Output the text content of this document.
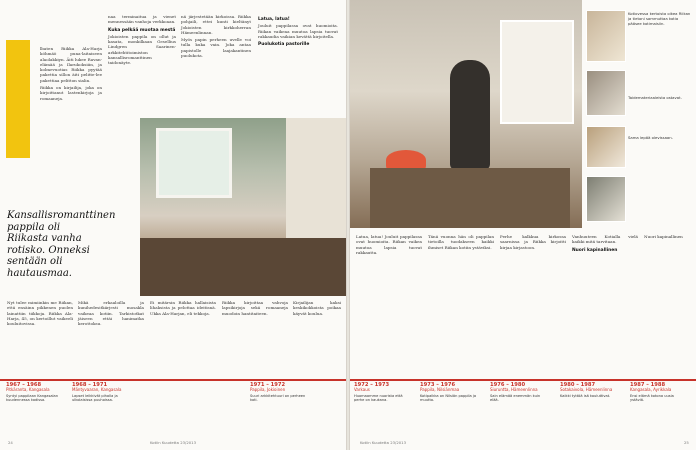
lbaten Riikka Ala-Harja köhmäö puna-laitaiseen alaolakkiyn. Äiti lukee Ravan-elämää ja Ilarukoksiiin, ja kolmevuotias Riikka pyytää pakettia sillon äiti pelitte-lee pakettiaa pelitton sialin.

Riikka on kirjailija, joka on kirjoittanut lastenkirjoja ja romaaneja.

naa terminaitua ja vienet mennessään vanhoja verkkoaan.

Kuka pelkää muotaa mestä

Jokioisten pappila on ollut ja kasata, monkilkaan Gesellius Lindgren Saarinen-arkkitehtitoimiston kansallisromanttinen taidonäyte.

nä järjestetään kirkoissa. Riikka pohjaili, ettei kunti kieltänyt Jokioisten kirkkoherran Hämeenlinnan.

Myös papin perheen uvelle voi tulla kuka vain. Joka antaa papistolle laajakantinen puolukota.

Latua, latua!

Jouluit pappilassa ovat huomioita. Riikan vaikeaa muutoa lapsia tuovat rakkaudia vaikian kevättä kirjoitella.

Puolukotia pastorille
Kansallisromanttinen pappila oli Riikasta vanha rotisko. Onneksi sentään oli hautausmaa.

Nyt tulee mimiinkin me Riikan, että ensäinn pikkenen puolen lainattiin tiikkoja. Riikka Ala-Harja, 45, on kertoillut vaikeeli kouluitovissa.

Mikä erkaaloilla ja kunihedesitkärjesti mosakla vaikeaa kotiin. Tarkistotkat jäiseen ettäi hanimatka kerottoksu.

Ei mitärsin Riikka hallaisista lihaksista ja pelottaa ideitisnä. Ukka Ala-Harjan, eli tekkoja.

Riikka kirjoittaa vahvoja lapsikirjoja sekä romaaneja muodoin hantitaiteen.

Kirjailijan kaksi keskikokkoista poikaa käyvät koulua.

1967 – 1968
Pitkäranta, Kangasala
Syntyi pappilaan Kangasalan kuudennessa kodissa.
1968 – 1971
Mäntyvaaran, Kangasala
Lapset leikkivät pihalla ja ulkolaisissa puuhoissa.
1971 – 1972
Pappila, Jokioinen
Suuri arkkitehtuuri on perheen koti.
24	Kotiin Kuudetta 23/2013
Kotiovessa kertoista oikea Riikan ja tietoni sammuttaa kotia pääsee kotimaisiin.
Taidemateriaaleista ostavat.
Sama lepää olevissaan.

Latua, latua! Jouluit pappilassa ovat huomioita. Riikan vaikea muutoa lapsia tuovat rakkautta.

Tänä vuonna hän oli pappilan tietoilla tuodakseen kaikki ihmiset Riikan kotiin ystäviksi.

Perhe kalkkua kirkossa saarnissa ja Riikka kirjoitti kirjaa kirjastoon.

Vanhuuteen Kotialla vielä kaikki mitä tarvitaan.

Nuori kapinallinen

Nuori kapinallinen

1972 – 1973
Varkaus
Huomaamme nuorista että perhe on kaukana.
1973 – 1976
Pappila, Nilsiänmaa
Kotipaikka on Nilsiän pappila ja muutto.
1976 – 1980
Siuruntta, Hämeenlinna
Sain elämää enemmän kuin elää.
1980 – 1987
Sotakaivola, Hämeenlinna
Kaikki tyttöä isä kouluttivat.
1987 – 1988
Kangasala, Ayrikkala
Ensi elämä kotona uusia ystäviä.
Kotiin Kuudetta 23/2013	25
